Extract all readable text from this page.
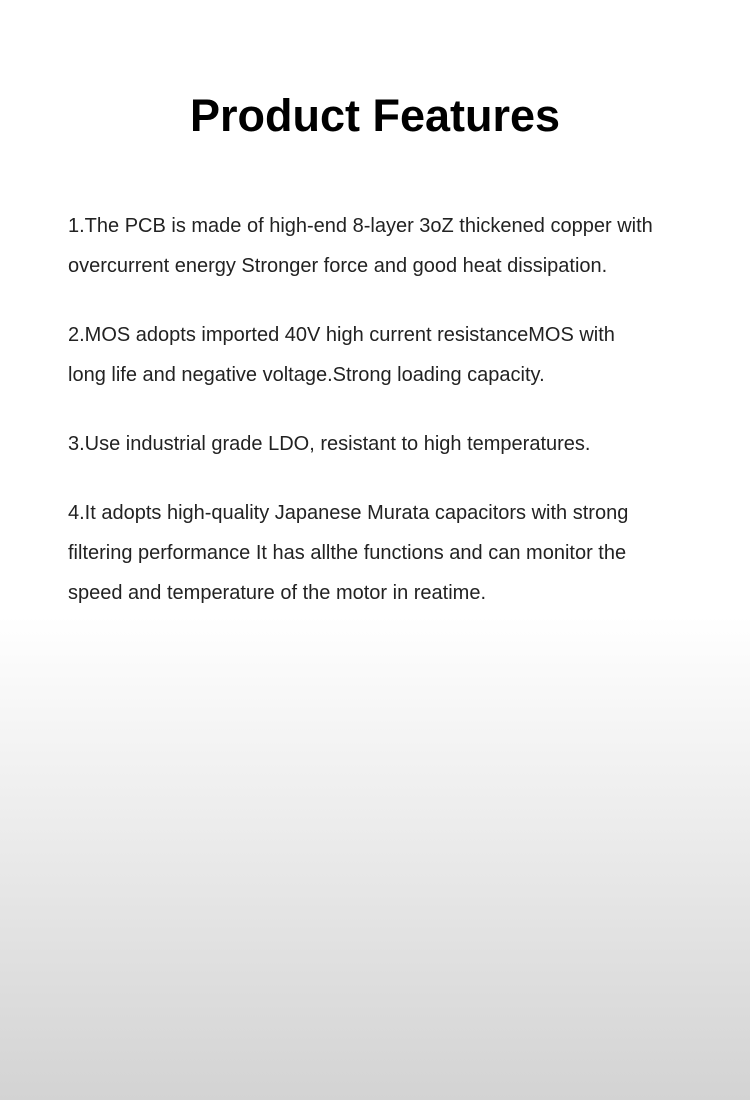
Product Features

1.The PCB is made of high-end 8-layer 3oZ thickened copper with
overcurrent energy Stronger force and good heat dissipation.

2.MOS adopts imported 40V high current resistanceMOS with
long life and negative voltage.Strong loading capacity.

3.Use industrial grade LDO, resistant to high temperatures.

4.It adopts high-quality Japanese Murata capacitors with strong
filtering performance It has allthe functions and can monitor the
speed and temperature of the motor in reatime.
